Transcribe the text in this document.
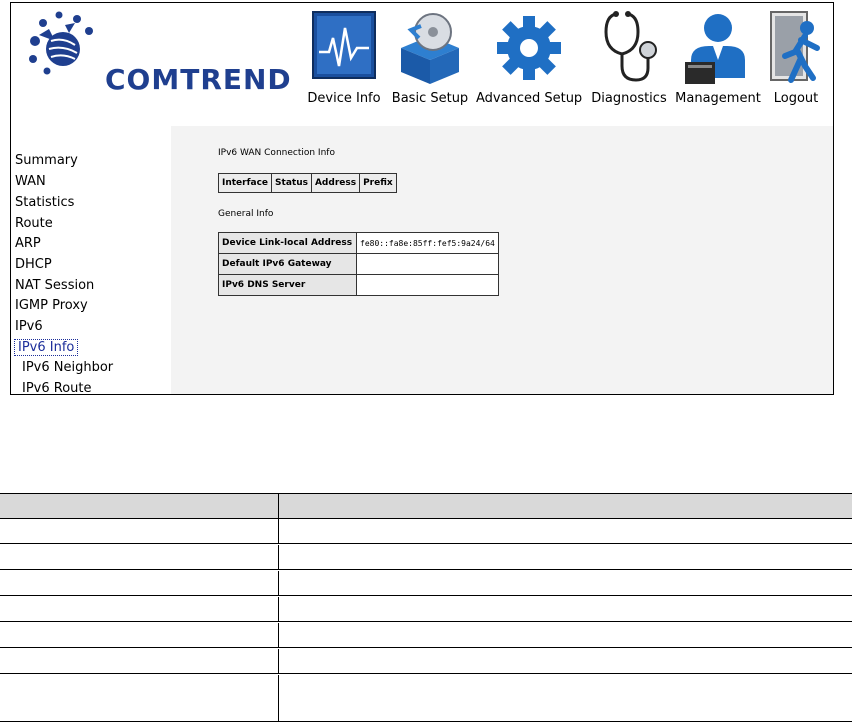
COMTREND
Device Info Basic Setup Advanced Setup Diagnostics Management Logout
Summary
WAN
Statistics
Route
ARP
DHCP
NAT Session
IGMP Proxy
IPv6
IPv6 Info
IPv6 Neighbor
IPv6 Route
IPv6 WAN Connection Info
Interface	Status	Address	Prefix
General Info
Device Link-local Address	fe80::fa8e:85ff:fef5:9a24/64
Default IPv6 Gateway	
IPv6 DNS Server	
